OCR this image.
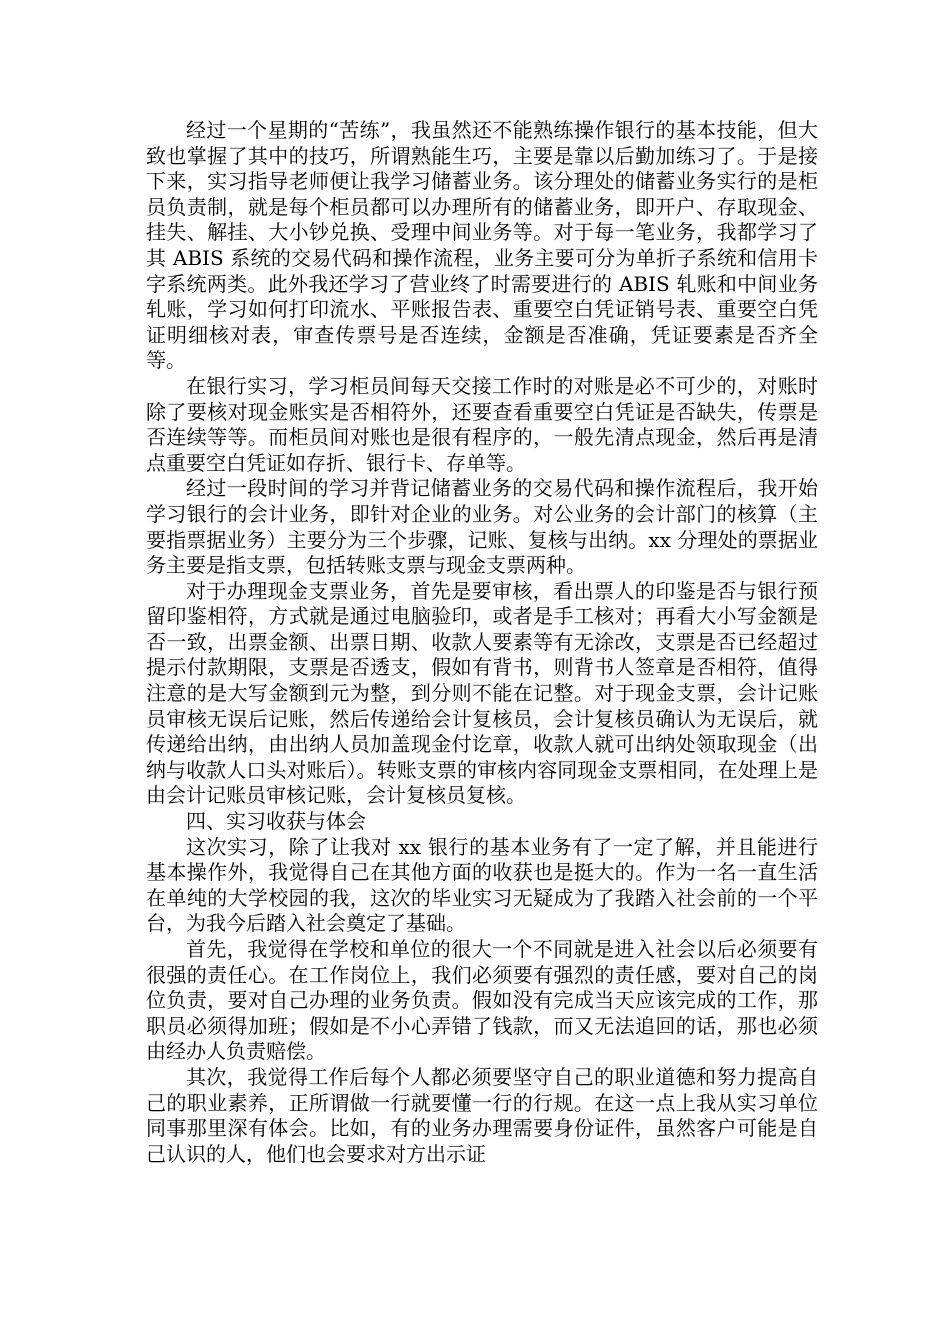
经过一个星期的“苦练”，我虽然还不能熟练操作银行的基本技能，但大致也掌握了其中的技巧，所谓熟能生巧，主要是靠以后勤加练习了。于是接下来，实习指导老师便让我学习储蓄业务。该分理处的储蓄业务实行的是柜员负责制，就是每个柜员都可以办理所有的储蓄业务，即开户、存取现金、挂失、解挂、大小钞兑换、受理中间业务等。对于每一笔业务，我都学习了其 ABIS 系统的交易代码和操作流程，业务主要可分为单折子系统和信用卡字系统两类。此外我还学习了营业终了时需要进行的 ABIS 轧账和中间业务轧账，学习如何打印流水、平账报告表、重要空白凭证销号表、重要空白凭证明细核对表，审查传票号是否连续，金额是否准确，凭证要素是否齐全等。

在银行实习，学习柜员间每天交接工作时的对账是必不可少的，对账时除了要核对现金账实是否相符外，还要查看重要空白凭证是否缺失，传票是否连续等等。而柜员间对账也是很有程序的，一般先清点现金，然后再是清点重要空白凭证如存折、银行卡、存单等。

经过一段时间的学习并背记储蓄业务的交易代码和操作流程后，我开始学习银行的会计业务，即针对企业的业务。对公业务的会计部门的核算（主要指票据业务）主要分为三个步骤，记账、复核与出纳。xx 分理处的票据业务主要是指支票，包括转账支票与现金支票两种。

对于办理现金支票业务，首先是要审核，看出票人的印鉴是否与银行预留印鉴相符，方式就是通过电脑验印，或者是手工核对；再看大小写金额是否一致，出票金额、出票日期、收款人要素等有无涂改，支票是否已经超过提示付款期限，支票是否透支，假如有背书，则背书人签章是否相符，值得注意的是大写金额到元为整，到分则不能在记整。对于现金支票，会计记账员审核无误后记账，然后传递给会计复核员，会计复核员确认为无误后，就传递给出纳，由出纳人员加盖现金付讫章，收款人就可出纳处领取现金（出纳与收款人口头对账后）。转账支票的审核内容同现金支票相同，在处理上是由会计记账员审核记账，会计复核员复核。

四、实习收获与体会

这次实习，除了让我对 xx 银行的基本业务有了一定了解，并且能进行基本操作外，我觉得自己在其他方面的收获也是挺大的。作为一名一直生活在单纯的大学校园的我，这次的毕业实习无疑成为了我踏入社会前的一个平台，为我今后踏入社会奠定了基础。

首先，我觉得在学校和单位的很大一个不同就是进入社会以后必须要有很强的责任心。在工作岗位上，我们必须要有强烈的责任感，要对自己的岗位负责，要对自己办理的业务负责。假如没有完成当天应该完成的工作，那职员必须得加班；假如是不小心弄错了钱款，而又无法追回的话，那也必须由经办人负责赔偿。

其次，我觉得工作后每个人都必须要坚守自己的职业道德和努力提高自己的职业素养，正所谓做一行就要懂一行的行规。在这一点上我从实习单位同事那里深有体会。比如，有的业务办理需要身份证件，虽然客户可能是自己认识的人，他们也会要求对方出示证
